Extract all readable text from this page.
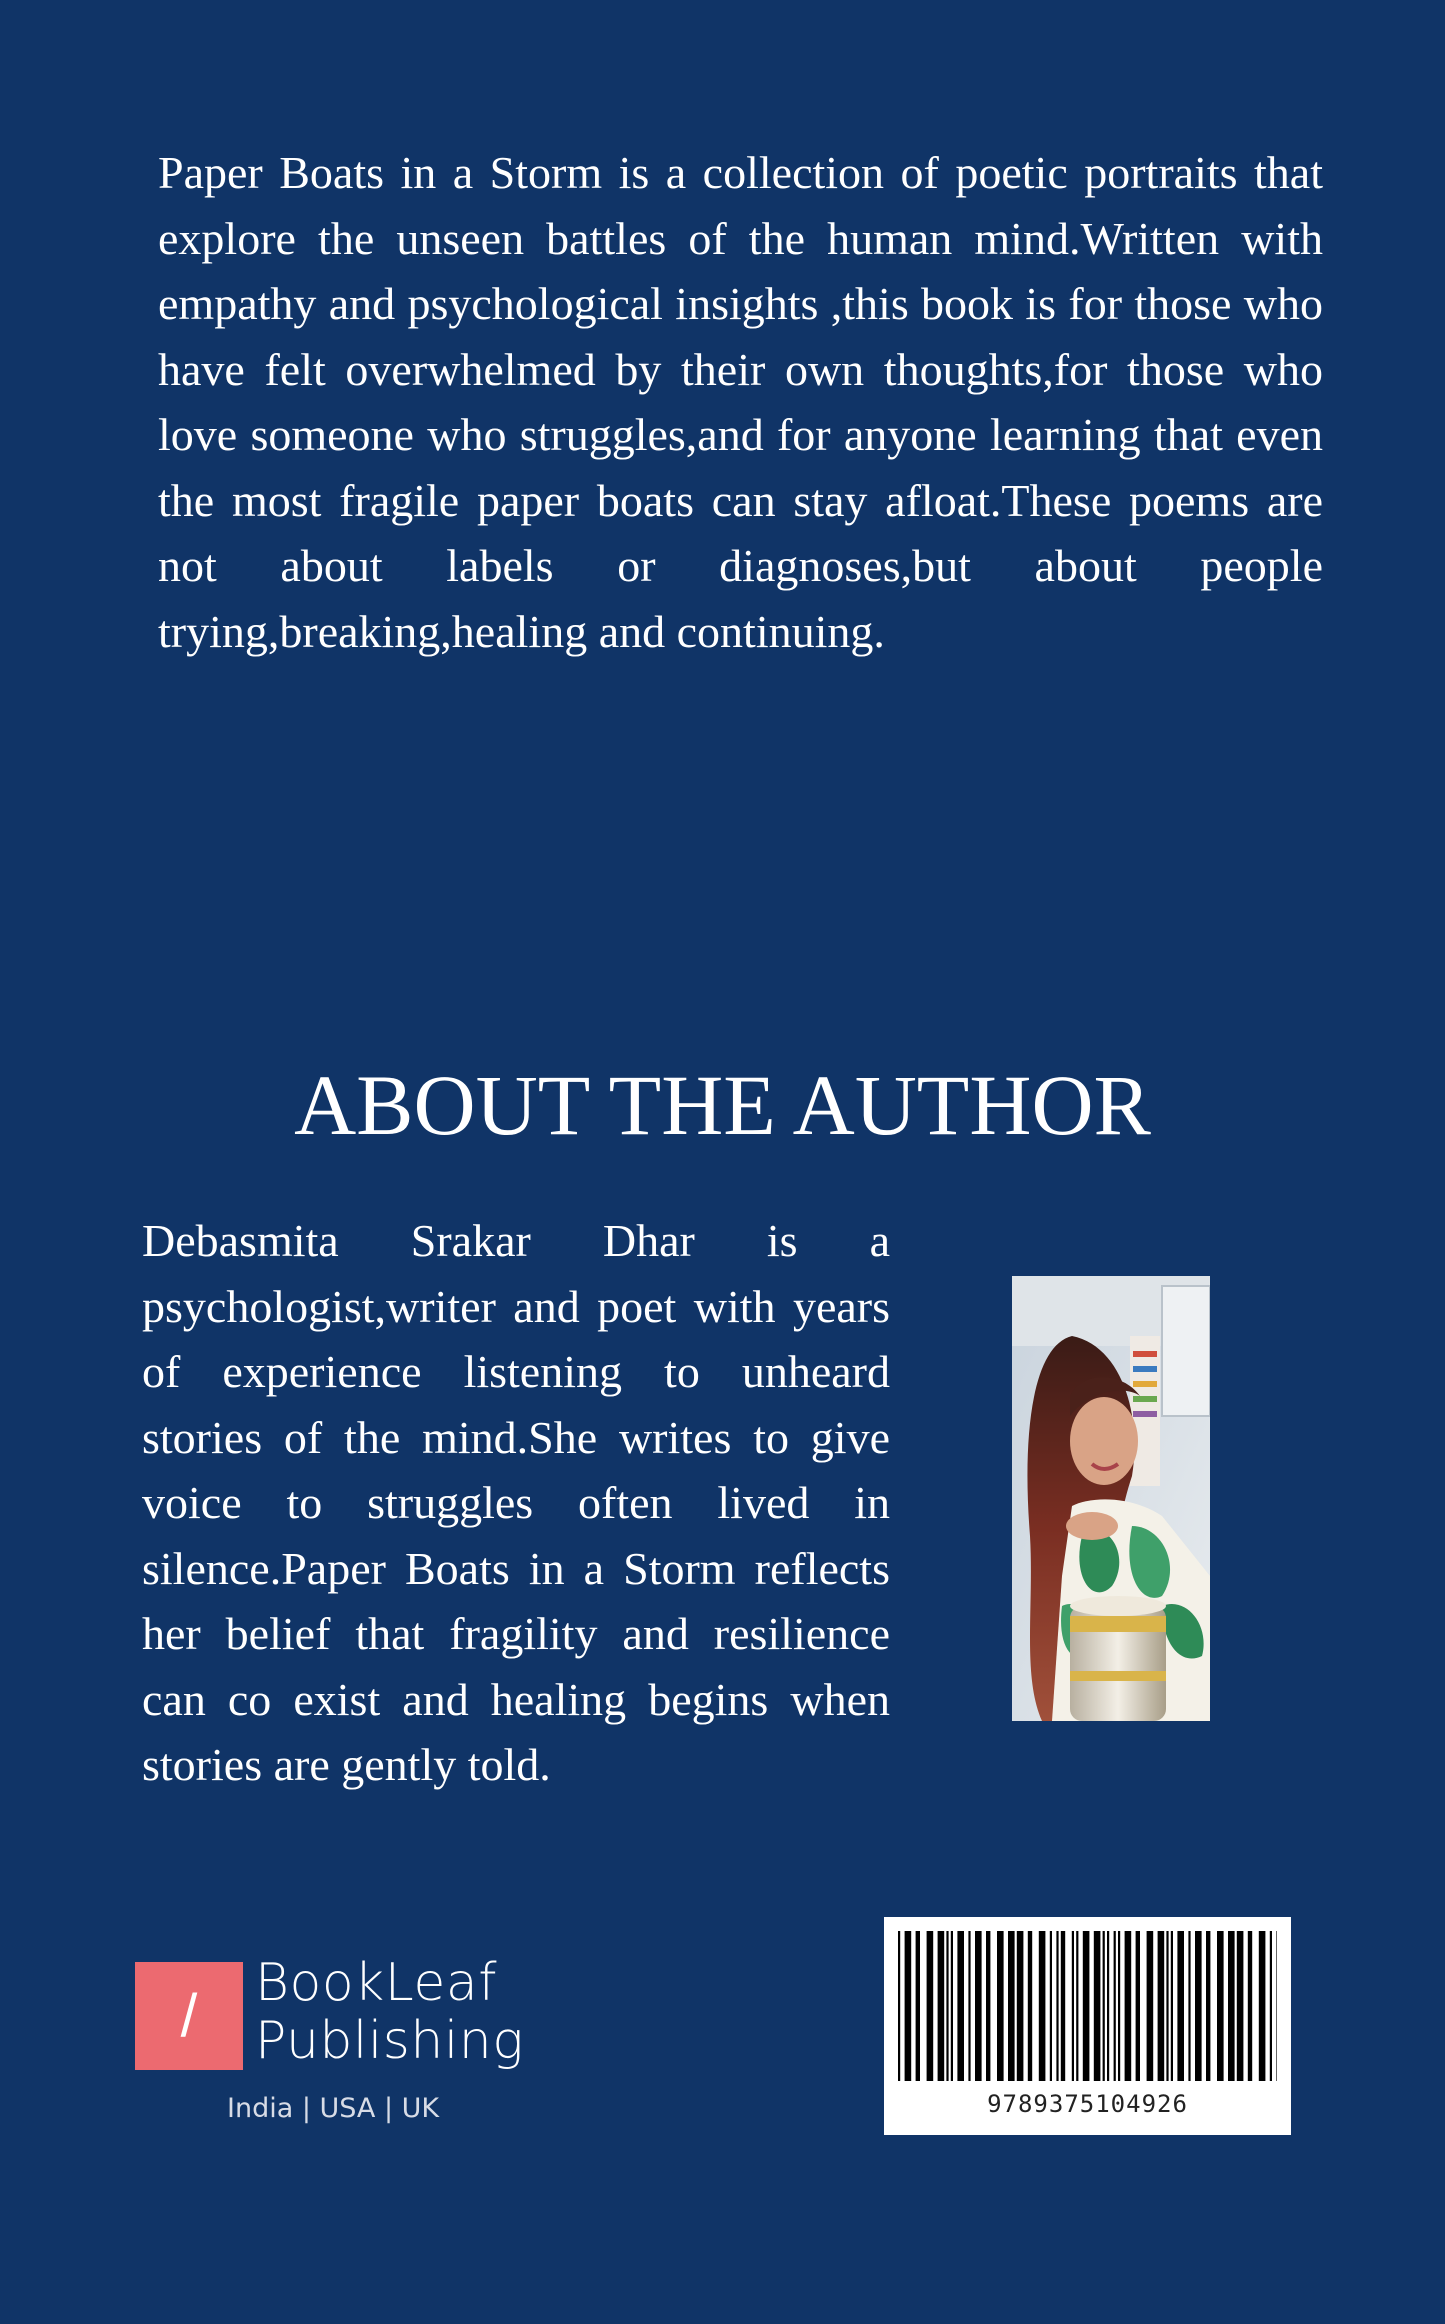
Paper Boats in a Storm is a collection of poetic portraits that explore the unseen battles of the human mind.Written with empathy and psychological insights ,this book is for those who have felt overwhelmed by their own thoughts,for those who love someone who struggles,and for anyone learning that even the most fragile paper boats can stay afloat.These poems are not about labels or diagnoses,but about people trying,breaking,healing and continuing.

ABOUT THE AUTHOR

Debasmita Srakar Dhar is a psychologist,writer and poet with years of experience listening to unheard stories of the mind.She writes to give voice to struggles often lived in silence.Paper Boats in a Storm reflects her belief that fragility and resilience can co exist and healing begins when stories are gently told.

/	BookLeaf
Publishing
India | USA | UK	9789375104926
